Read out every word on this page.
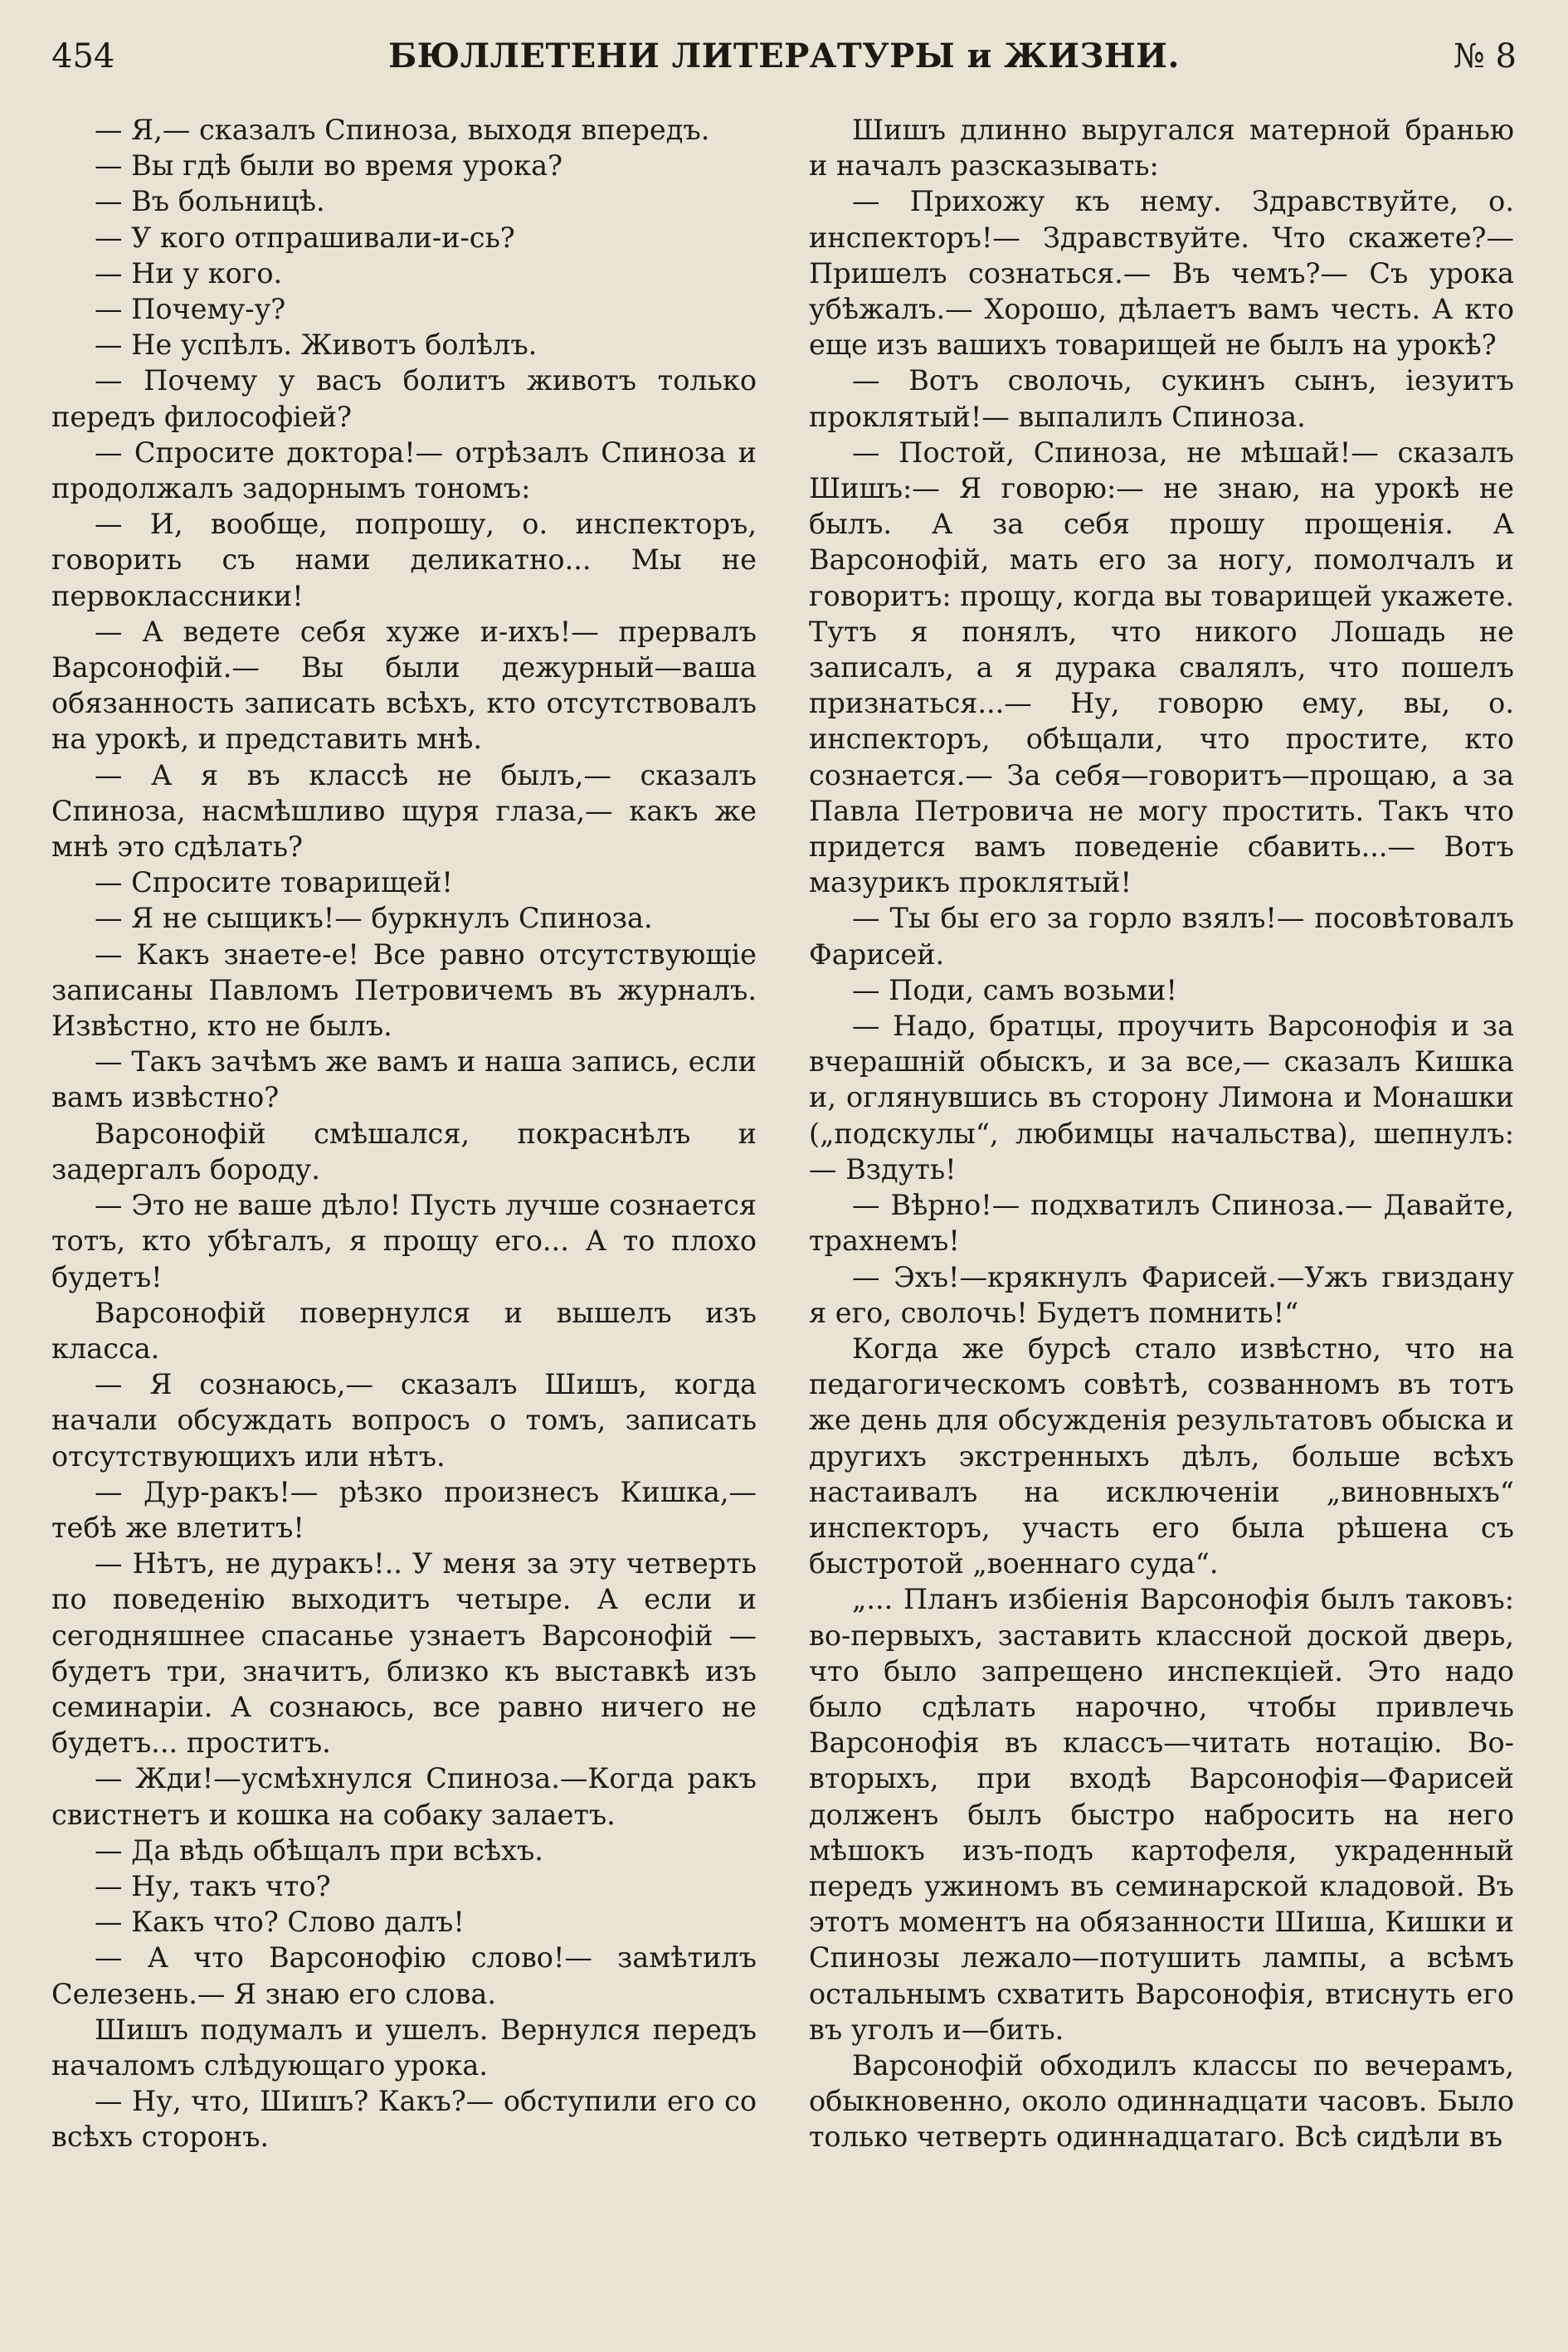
454	БЮЛЛЕТЕНИ ЛИТЕРАТУРЫ и ЖИЗНИ.	№ 8

— Я,— сказалъ Спиноза, выходя впередъ.

— Вы гдѣ были во время урока?

— Въ больницѣ.

— У кого отпрашивали-и-сь?

— Ни у кого.

— Почему-у?

— Не успѣлъ. Животъ болѣлъ.

— Почему у васъ болитъ животъ только передъ философіей?

— Спросите доктора!— отрѣзалъ Спиноза и продолжалъ задорнымъ тономъ:

— И, вообще, попрошу, о. инспекторъ, говорить съ нами деликатно... Мы не первоклассники!

— А ведете себя хуже и-ихъ!— прервалъ Варсонофій.— Вы были дежурный—ваша обязанность записать всѣхъ, кто отсутствовалъ на урокѣ, и представить мнѣ.

— А я въ классѣ не былъ,— сказалъ Спиноза, насмѣшливо щуря глаза,— какъ же мнѣ это сдѣлать?

— Спросите товарищей!

— Я не сыщикъ!— буркнулъ Спиноза.

— Какъ знаете-е! Все равно отсутствующіе записаны Павломъ Петровичемъ въ журналъ. Извѣстно, кто не былъ.

— Такъ зачѣмъ же вамъ и наша запись, если вамъ извѣстно?

Варсонофій смѣшался, покраснѣлъ и задергалъ бороду.

— Это не ваше дѣло! Пусть лучше сознается тотъ, кто убѣгалъ, я прощу его... А то плохо будетъ!

Варсонофій повернулся и вышелъ изъ класса.

— Я сознаюсь,— сказалъ Шишъ, когда начали обсуждать вопросъ о томъ, записать отсутствующихъ или нѣтъ.

— Дур-ракъ!— рѣзко произнесъ Кишка,— тебѣ же влетитъ!

— Нѣтъ, не дуракъ!.. У меня за эту четверть по поведенію выходитъ четыре. А если и сегодняшнее спасанье узнаетъ Варсонофій — будетъ три, значитъ, близко къ выставкѣ изъ семинаріи. А сознаюсь, все равно ничего не будетъ... проститъ.

— Жди!—усмѣхнулся Спиноза.—Когда ракъ свистнетъ и кошка на собаку залаетъ.

— Да вѣдь обѣщалъ при всѣхъ.

— Ну, такъ что?

— Какъ что? Слово далъ!

— А что Варсонофію слово!— замѣтилъ Селезень.— Я знаю его слова.

Шишъ подумалъ и ушелъ. Вернулся передъ началомъ слѣдующаго урока.

— Ну, что, Шишъ? Какъ?— обступили его со всѣхъ сторонъ.

Шишъ длинно выругался матерной бранью и началъ разсказывать:

— Прихожу къ нему. Здравствуйте, о. инспекторъ!— Здравствуйте. Что скажете?—Пришелъ сознаться.— Въ чемъ?— Съ урока убѣжалъ.— Хорошо, дѣлаетъ вамъ честь. А кто еще изъ вашихъ товарищей не былъ на урокѣ?

— Вотъ сволочь, сукинъ сынъ, іезуитъ проклятый!— выпалилъ Спиноза.

— Постой, Спиноза, не мѣшай!— сказалъ Шишъ:— Я говорю:— не знаю, на урокѣ не былъ. А за себя прошу прощенія. А Варсонофій, мать его за ногу, помолчалъ и говоритъ: прощу, когда вы товарищей укажете. Тутъ я понялъ, что никого Лошадь не записалъ, а я дурака свалялъ, что пошелъ признаться...— Ну, говорю ему, вы, о. инспекторъ, обѣщали, что простите, кто сознается.— За себя—говоритъ—прощаю, а за Павла Петровича не могу простить. Такъ что придется вамъ поведеніе сбавить...— Вотъ мазурикъ проклятый!

— Ты бы его за горло взялъ!— посовѣтовалъ Фарисей.

— Поди, самъ возьми!

— Надо, братцы, проучить Варсонофія и за вчерашній обыскъ, и за все,— сказалъ Кишка и, оглянувшись въ сторону Лимона и Монашки („подскулы“, любимцы начальства), шепнулъ:— Вздуть!

— Вѣрно!— подхватилъ Спиноза.— Давайте, трахнемъ!

— Эхъ!—крякнулъ Фарисей.—Ужъ гвиздану я его, сволочь! Будетъ помнить!“

Когда же бурсѣ стало извѣстно, что на педагогическомъ совѣтѣ, созванномъ въ тотъ же день для обсужденія результатовъ обыска и другихъ экстренныхъ дѣлъ, больше всѣхъ настаивалъ на исключеніи „виновныхъ“ инспекторъ, участь его была рѣшена съ быстротой „военнаго суда“.

„... Планъ избіенія Варсонофія былъ таковъ: во-первыхъ, заставить классной доской дверь, что было запрещено инспекціей. Это надо было сдѣлать нарочно, чтобы привлечь Варсонофія въ классъ—читать нотацію. Во-вторыхъ, при входѣ Варсонофія—Фарисей долженъ былъ быстро набросить на него мѣшокъ изъ-подъ картофеля, украденный передъ ужиномъ въ семинарской кладовой. Въ этотъ моментъ на обязанности Шиша, Кишки и Спинозы лежало—потушить лампы, а всѣмъ остальнымъ схватить Варсонофія, втиснуть его въ уголъ и—бить.

Варсонофій обходилъ классы по вечерамъ, обыкновенно, около одиннадцати часовъ. Было только четверть одиннадцатаго. Всѣ сидѣли въ
